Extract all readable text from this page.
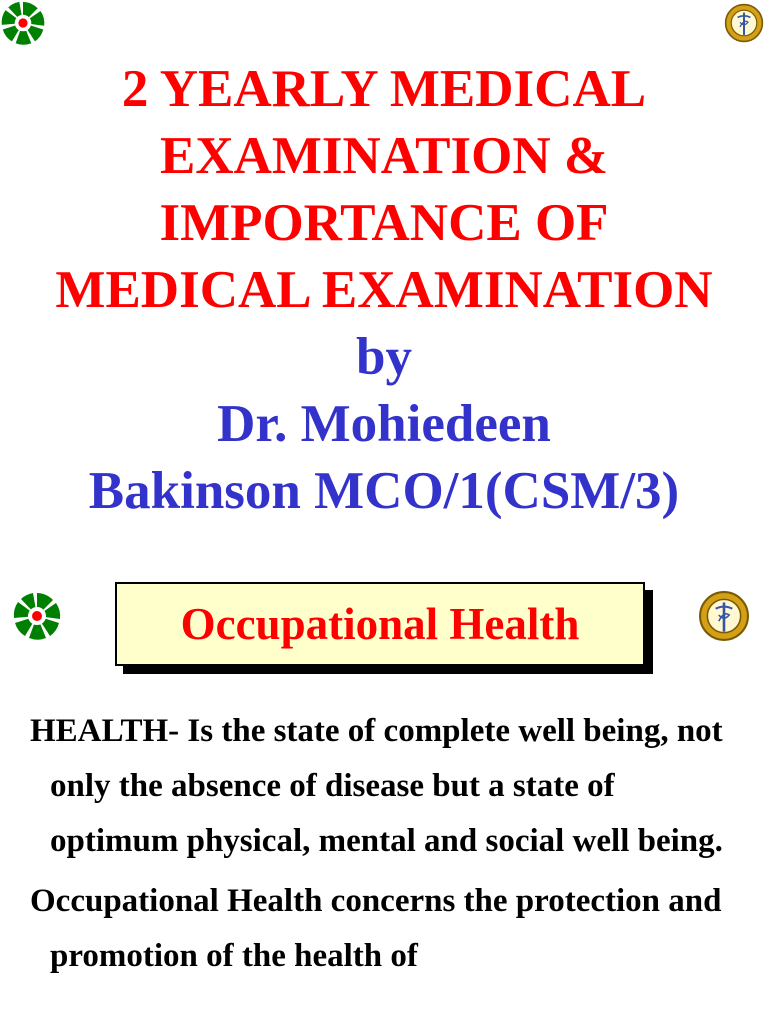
2 YEARLY MEDICAL
EXAMINATION &
IMPORTANCE OF
MEDICAL EXAMINATION
by
Dr. Mohiedeen
Bakinson MCO/1(CSM/3)
Occupational Health

HEALTH- Is the state of complete well being, not only the absence of disease but a state of optimum physical, mental and social well being.

Occupational Health concerns the protection and promotion of the health of
